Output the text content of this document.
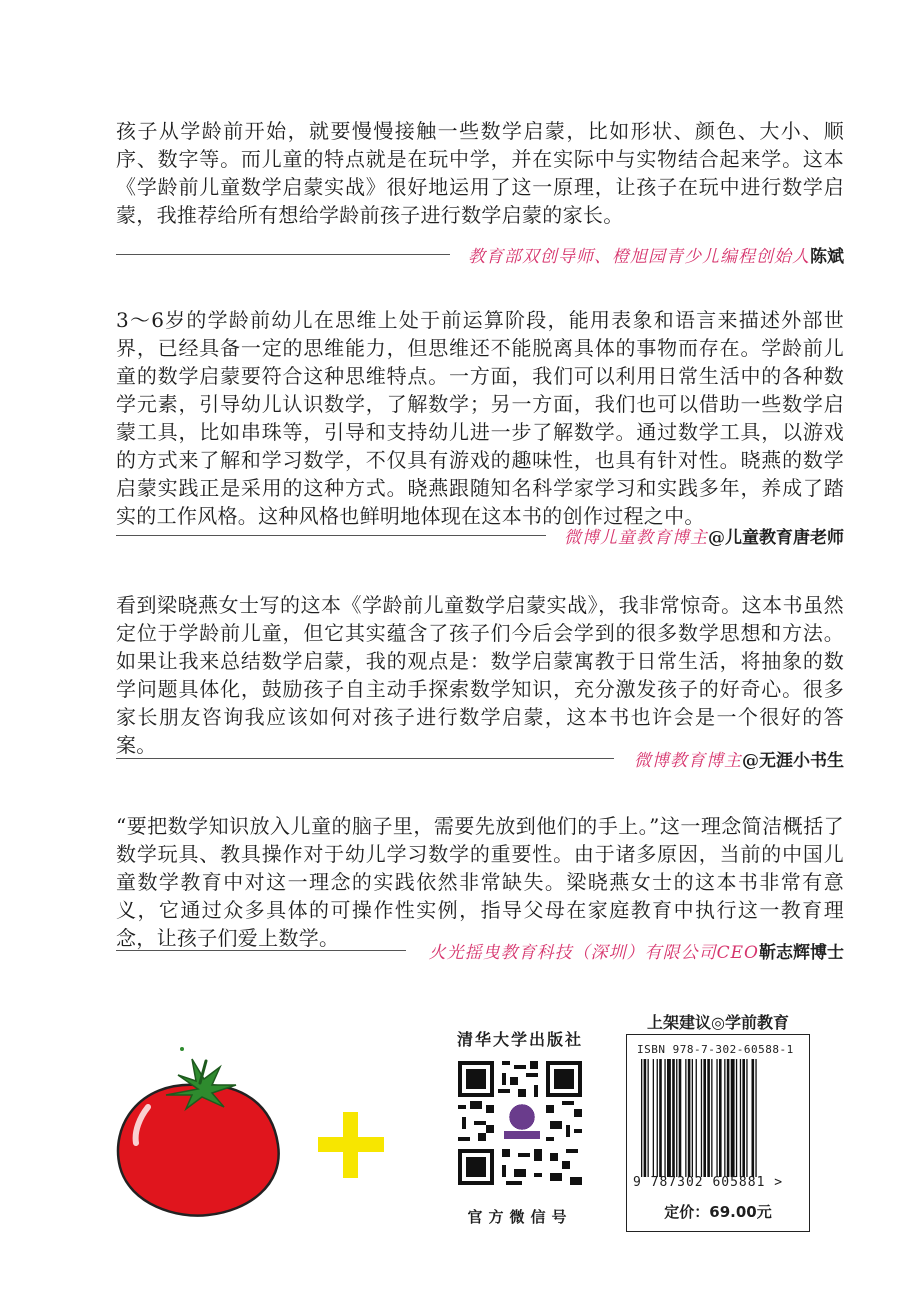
孩子从学龄前开始，就要慢慢接触一些数学启蒙，比如形状、颜色、大小、顺序、数字等。而儿童的特点就是在玩中学，并在实际中与实物结合起来学。这本《学龄前儿童数学启蒙实战》很好地运用了这一原理，让孩子在玩中进行数学启蒙，我推荐给所有想给学龄前孩子进行数学启蒙的家长。

教育部双创导师、橙旭园青少儿编程创始人 陈斌

3～6岁的学龄前幼儿在思维上处于前运算阶段，能用表象和语言来描述外部世界，已经具备一定的思维能力，但思维还不能脱离具体的事物而存在。学龄前儿童的数学启蒙要符合这种思维特点。一方面，我们可以利用日常生活中的各种数学元素，引导幼儿认识数学，了解数学；另一方面，我们也可以借助一些数学启蒙工具，比如串珠等，引导和支持幼儿进一步了解数学。通过数学工具，以游戏的方式来了解和学习数学，不仅具有游戏的趣味性，也具有针对性。晓燕的数学启蒙实践正是采用的这种方式。晓燕跟随知名科学家学习和实践多年，养成了踏实的工作风格。这种风格也鲜明地体现在这本书的创作过程之中。

微博儿童教育博主 @儿童教育唐老师

看到梁晓燕女士写的这本《学龄前儿童数学启蒙实战》，我非常惊奇。这本书虽然定位于学龄前儿童，但它其实蕴含了孩子们今后会学到的很多数学思想和方法。如果让我来总结数学启蒙，我的观点是：数学启蒙寓教于日常生活，将抽象的数学问题具体化，鼓励孩子自主动手探索数学知识，充分激发孩子的好奇心。很多家长朋友咨询我应该如何对孩子进行数学启蒙，这本书也许会是一个很好的答案。

微博教育博主 @无涯小书生

“要把数学知识放入儿童的脑子里，需要先放到他们的手上。”这一理念简洁概括了数学玩具、教具操作对于幼儿学习数学的重要性。由于诸多原因，当前的中国儿童数学教育中对这一理念的实践依然非常缺失。梁晓燕女士的这本书非常有意义，它通过众多具体的可操作性实例，指导父母在家庭教育中执行这一教育理念，让孩子们爱上数学。

火光摇曳教育科技（深圳）有限公司CEO 靳志辉博士
清华大学出版社
官方微信号
上架建议◎学前教育
ISBN 978-7-302-60588-1
9 787302 605881 >
定价：69.00元
